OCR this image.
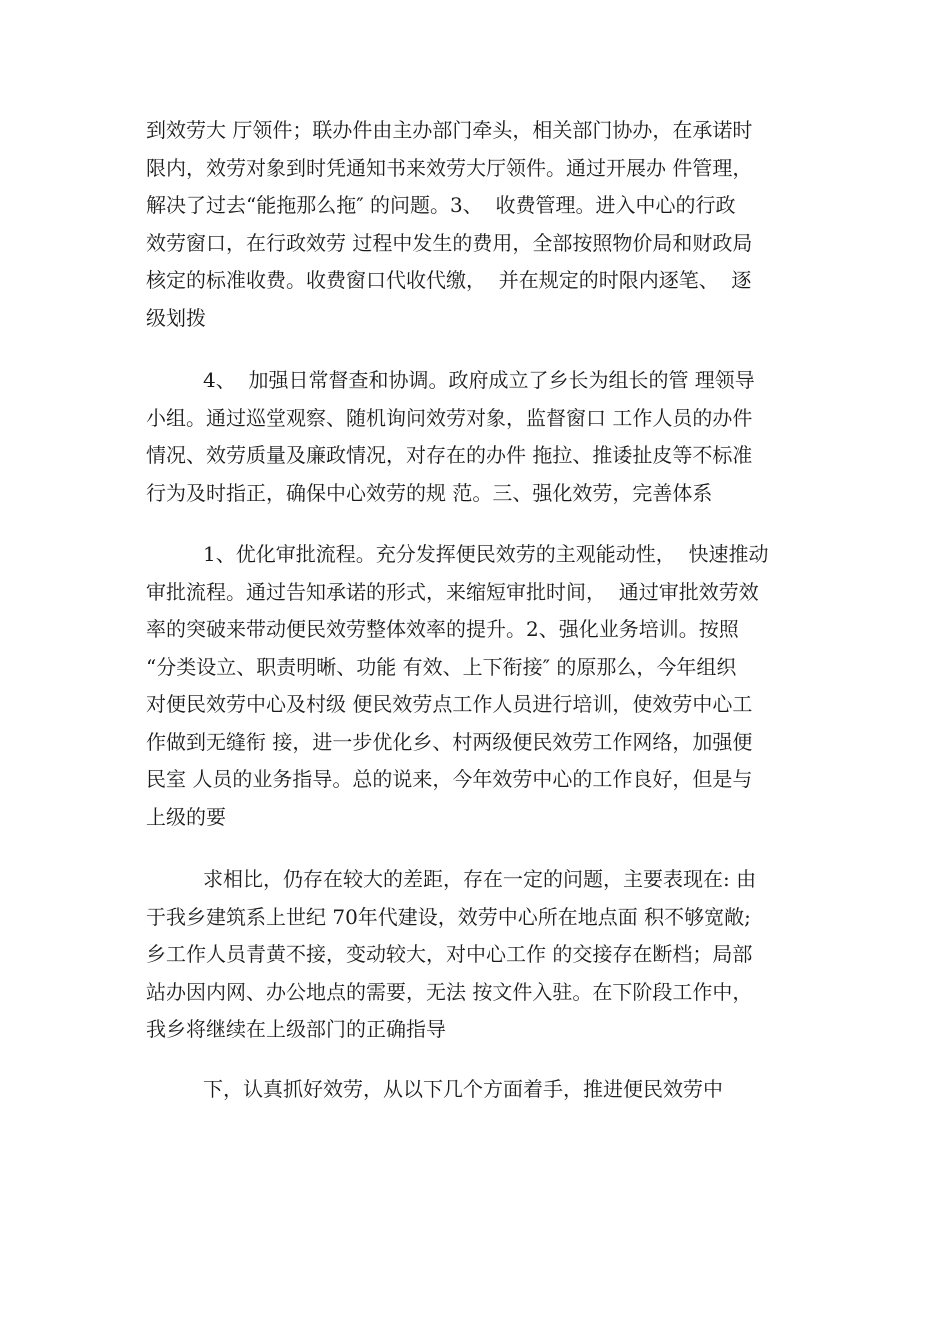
到效劳大 厅领件；联办件由主办部门牵头，相关部门协办，在承诺时
限内，效劳对象到时凭通知书来效劳大厅领件。通过开展办 件管理，
解决了过去“能拖那么拖″ 的问题。3、  收费管理。进入中心的行政
效劳窗口，在行政效劳 过程中发生的费用，全部按照物价局和财政局
核定的标准收费。收费窗口代收代缴，  并在规定的时限内逐笔、  逐
级划拨
4、  加强日常督查和协调。政府成立了乡长为组长的管 理领导
小组。通过巡堂观察、随机询问效劳对象，监督窗口 工作人员的办件
情况、效劳质量及廉政情况，对存在的办件 拖拉、推诿扯皮等不标准
行为及时指正，确保中心效劳的规 范。三、强化效劳，完善体系
1、优化审批流程。充分发挥便民效劳的主观能动性，  快速推动
审批流程。通过告知承诺的形式，来缩短审批时间，  通过审批效劳效
率的突破来带动便民效劳整体效率的提升。2、强化业务培训。按照
“分类设立、职责明晰、功能 有效、上下衔接″ 的原那么，今年组织
对便民效劳中心及村级 便民效劳点工作人员进行培训，使效劳中心工
作做到无缝衔 接，进一步优化乡、村两级便民效劳工作网络，加强便
民室 人员的业务指导。总的说来，今年效劳中心的工作良好，但是与
上级的要
求相比，仍存在较大的差距，存在一定的问题，主要表现在: 由
于我乡建筑系上世纪 70年代建设，效劳中心所在地点面 积不够宽敞;
乡工作人员青黄不接，变动较大，对中心工作 的交接存在断档；局部
站办因内网、办公地点的需要，无法 按文件入驻。在下阶段工作中，
我乡将继续在上级部门的正确指导
下，认真抓好效劳，从以下几个方面着手，推进便民效劳中
